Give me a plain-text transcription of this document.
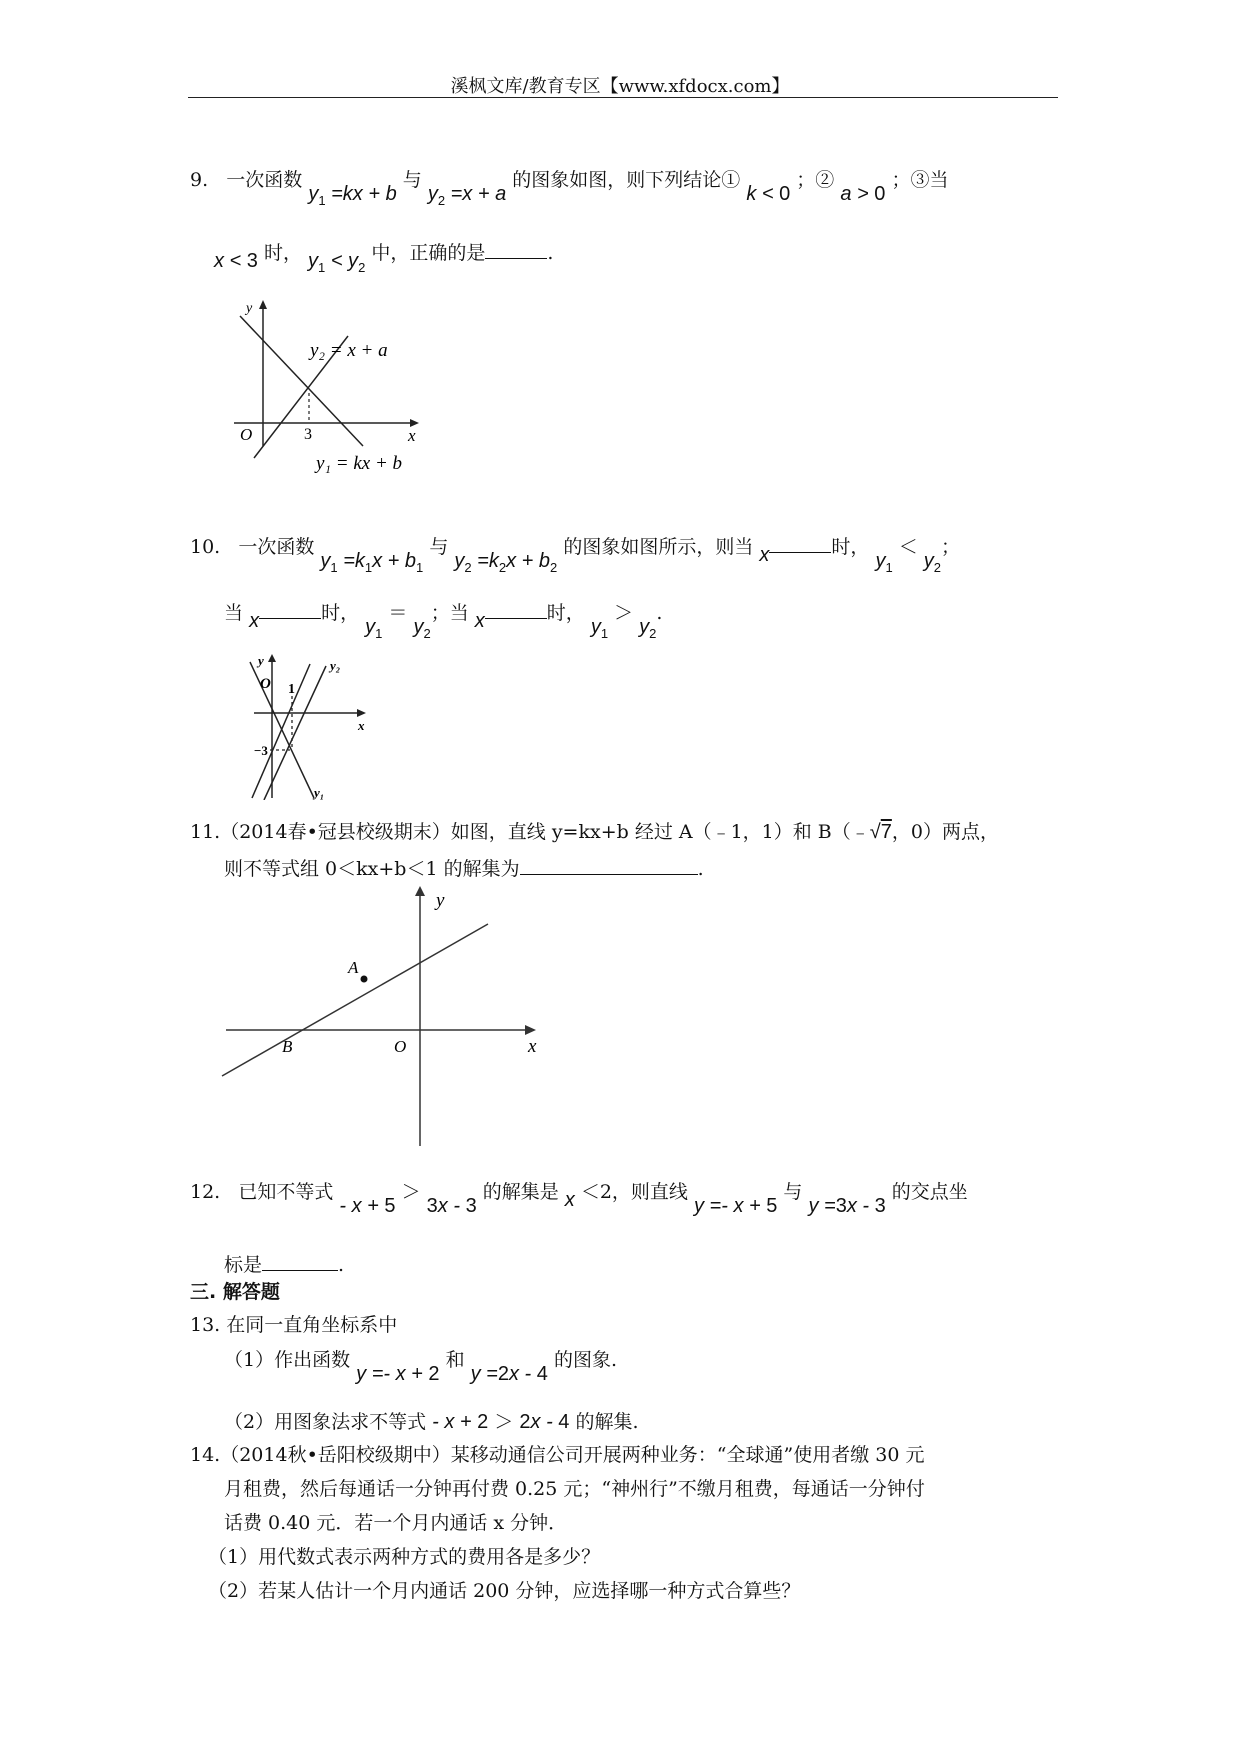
溪枫文库/教育专区【www.xfdocx.com】
9. 一次函数 $y_1 =kx + b$ 与 $y_2 =x + a$ 的图象如图，则下列结论① k < 0 ；② a > 0 ；③当
x < 3 时， $y_1 < y_2$ 中，正确的是	.
y
O	3	x
y₂ = x + a
y₁ = kx + b
10. 一次函数 $y_1 =k_1x + b_1$ 与 $y_2 =k_2x + b_2$ 的图象如图所示，则当 x	时， $y_1 < y_2$；
当 x	时， $y_1 = y_2$；当 x	时， $y_1 > y_2$.
y
O 1
x
−3
y₁
y₂
11.（2014春•冠县校级期末）如图，直线 y=kx+b 经过 A（﹣1，1）和 B（﹣√7，0）两点，
则不等式组 0＜kx+b＜1 的解集为	.
y
x
A
B	O
12. 已知不等式 - x + 5 ＞ 3x - 3 的解集是 x ＜2，则直线 y =- x + 5 与 y =3x - 3 的交点坐
标是	.
三. 解答题
13. 在同一直角坐标系中
（1）作出函数 y =- x + 2 和 y =2x - 4 的图象.
（2）用图象法求不等式 - x + 2 ＞ 2x - 4 的解集.
14.（2014秋•岳阳校级期中）某移动通信公司开展两种业务：“全球通”使用者缴 30 元
月租费，然后每通话一分钟再付费 0.25 元；“神州行”不缴月租费，每通话一分钟付
话费 0.40 元．若一个月内通话 x 分钟．
（1）用代数式表示两种方式的费用各是多少？
（2）若某人估计一个月内通话 200 分钟，应选择哪一种方式合算些？
